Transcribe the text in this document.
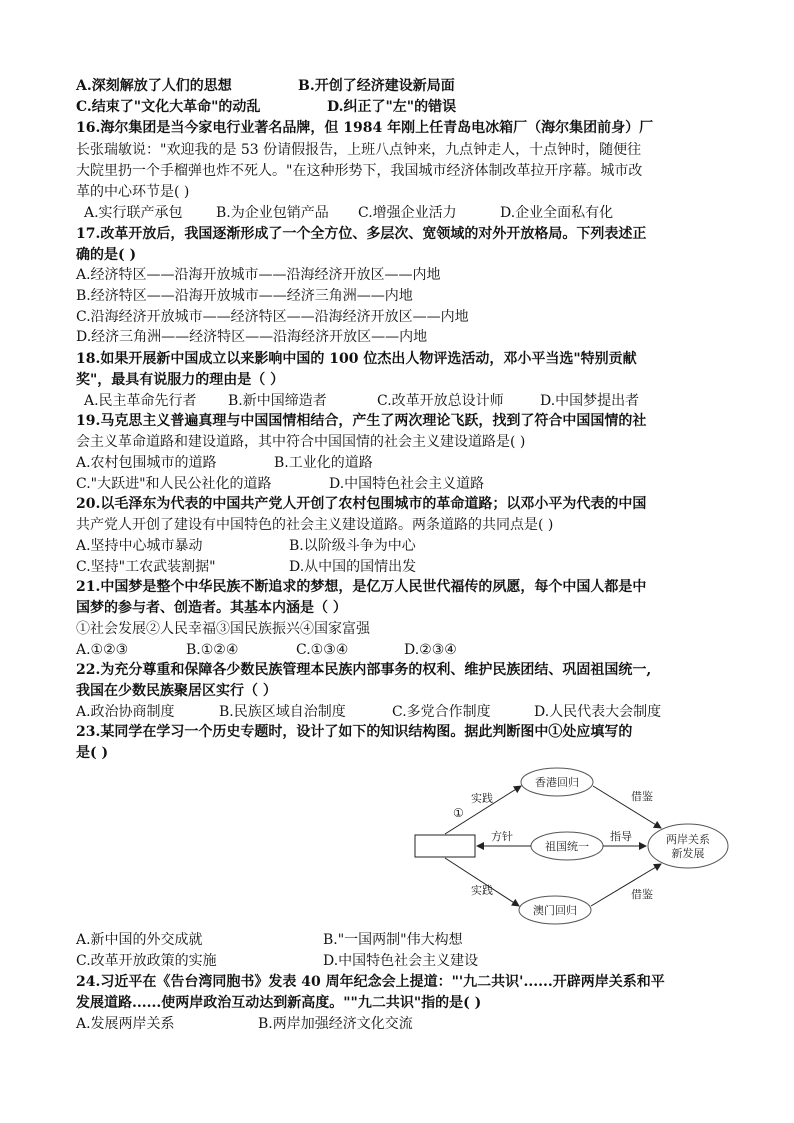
A.深刻解放了人们的思想	B.开创了经济建设新局面
C.结束了"文化大革命"的动乱	D.纠正了"左"的错误
16.海尔集团是当今家电行业著名品牌，但 1984 年刚上任青岛电冰箱厂（海尔集团前身）厂
长张瑞敏说："欢迎我的是 53 份请假报告，上班八点钟来，九点钟走人，十点钟时，随便往
大院里扔一个手榴弹也炸不死人。"在这种形势下，我国城市经济体制改革拉开序幕。城市改
革的中心环节是( )
A.实行联产承包 B.为企业包销产品 C.增强企业活力	D.企业全面私有化
17.改革开放后，我国逐渐形成了一个全方位、多层次、宽领域的对外开放格局。下列表述正
确的是( )
A.经济特区——沿海开放城市——沿海经济开放区——内地
B.经济特区——沿海开放城市——经济三角洲——内地
C.沿海经济开放城市——经济特区——沿海经济开放区——内地
D.经济三角洲——经济特区——沿海经济开放区——内地
18.如果开展新中国成立以来影响中国的 100 位杰出人物评选活动，邓小平当选"特别贡献
奖"，最具有说服力的理由是（ ）
A.民主革命先行者 B.新中国缔造者	C.改革开放总设计师	D.中国梦提出者
19.马克思主义普遍真理与中国国情相结合，产生了两次理论飞跃，找到了符合中国国情的社
会主义革命道路和建设道路，其中符合中国国情的社会主义建设道路是( )
A.农村包围城市的道路	B.工业化的道路
C."大跃进"和人民公社化的道路	D.中国特色社会主义道路
20.以毛泽东为代表的中国共产党人开创了农村包围城市的革命道路；以邓小平为代表的中国
共产党人开创了建设有中国特色的社会主义建设道路。两条道路的共同点是( )
A.坚持中心城市暴动	B.以阶级斗争为中心
C.坚持"工农武装割据"	D.从中国的国情出发
21.中国梦是整个中华民族不断追求的梦想，是亿万人民世代福传的夙愿，每个中国人都是中
国梦的参与者、创造者。其基本内涵是（ ）
①社会发展②人民幸福③国民族振兴④国家富强
A.①②③	B.①②④	C.①③④	D.②③④
22.为充分尊重和保障各少数民族管理本民族内部事务的权利、维护民族团结、巩固祖国统一,
我国在少数民族聚居区实行（ ）
A.政治协商制度	B.民族区域自治制度	C.多党合作制度	D.人民代表大会制度
23.某同学在学习一个历史专题时，设计了如下的知识结构图。据此判断图中①处应填写的
是( )
①
香港回归
祖国统一
澳门回归
两岸关系
新发展
实践
实践
方针	指导
借鉴
借鉴
A.新中国的外交成就	B."一国两制"伟大构想
C.改革开放政策的实施	D.中国特色社会主义建设
24.习近平在《告台湾同胞书》发表 40 周年纪念会上提道："'九二共识'......开辟两岸关系和平
发展道路......使两岸政治互动达到新高度。""九二共识"指的是( )
A.发展两岸关系	B.两岸加强经济文化交流
